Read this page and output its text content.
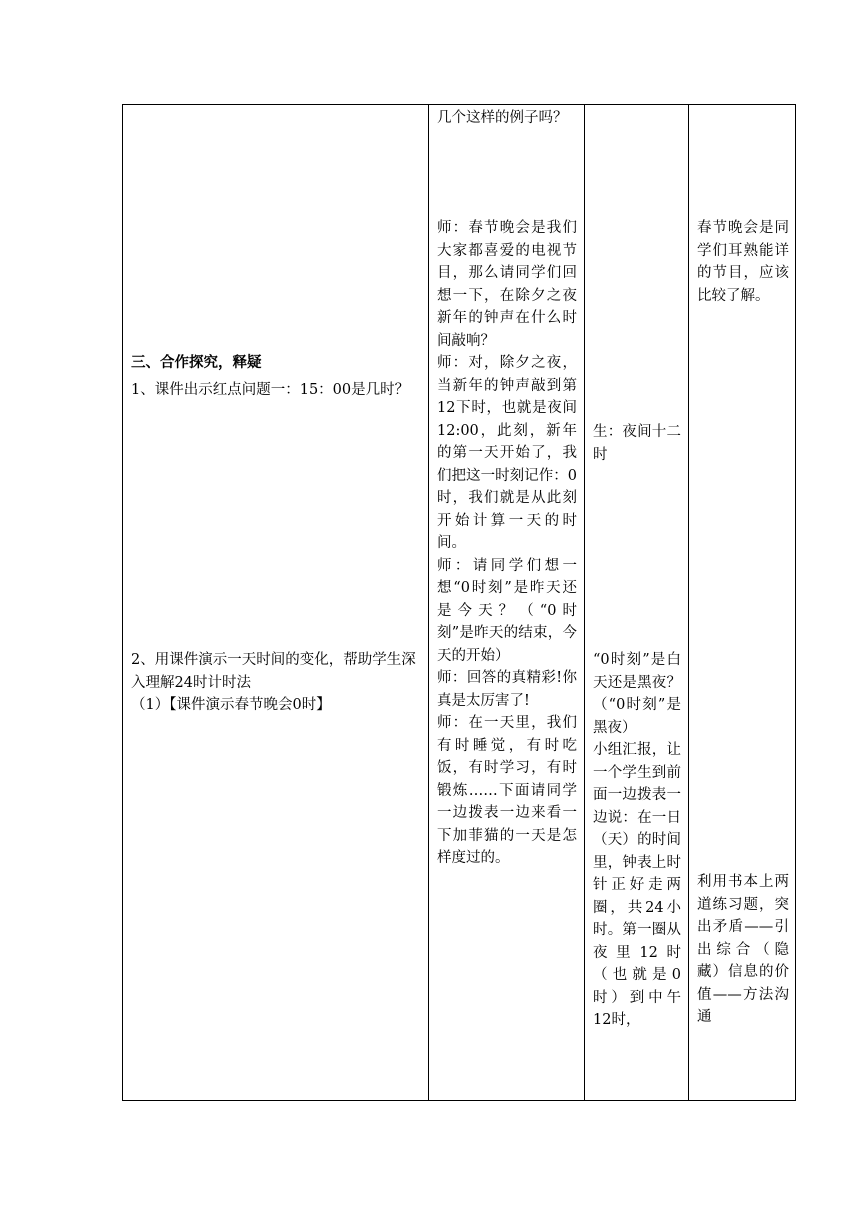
三、合作探究，释疑

1、课件出示红点问题一：15：00是几时？

2、用课件演示一天时间的变化，帮助学生深入理解24时计时法

（1）【课件演示春节晚会0时】

几个这样的例子吗？

师：春节晚会是我们大家都喜爱的电视节目，那么请同学们回想一下，在除夕之夜新年的钟声在什么时间敲响？

师：对，除夕之夜，当新年的钟声敲到第12下时，也就是夜间12:00，此刻，新年的第一天开始了，我们把这一时刻记作：0时，我们就是从此刻开始计算一天的时间。

师：请同学们想一想“0时刻”是昨天还是今天？（“0时刻”是昨天的结束，今天的开始）

师：回答的真精彩!你真是太厉害了!

师：在一天里，我们有时睡觉，有时吃饭，有时学习，有时锻炼……下面请同学一边拨表一边来看一下加菲猫的一天是怎样度过的。

生：夜间十二时

“0时刻”是白天还是黑夜？（“0时刻”是黑夜）

小组汇报，让一个学生到前面一边拨表一边说：在一日（天）的时间里，钟表上时针正好走两圈，共24小时。第一圈从夜里12时（也就是0时）到中午12时，

春节晚会是同学们耳熟能详的节目，应该比较了解。

利用书本上两道练习题，突出矛盾——引出综合（隐藏）信息的价值——方法沟通
